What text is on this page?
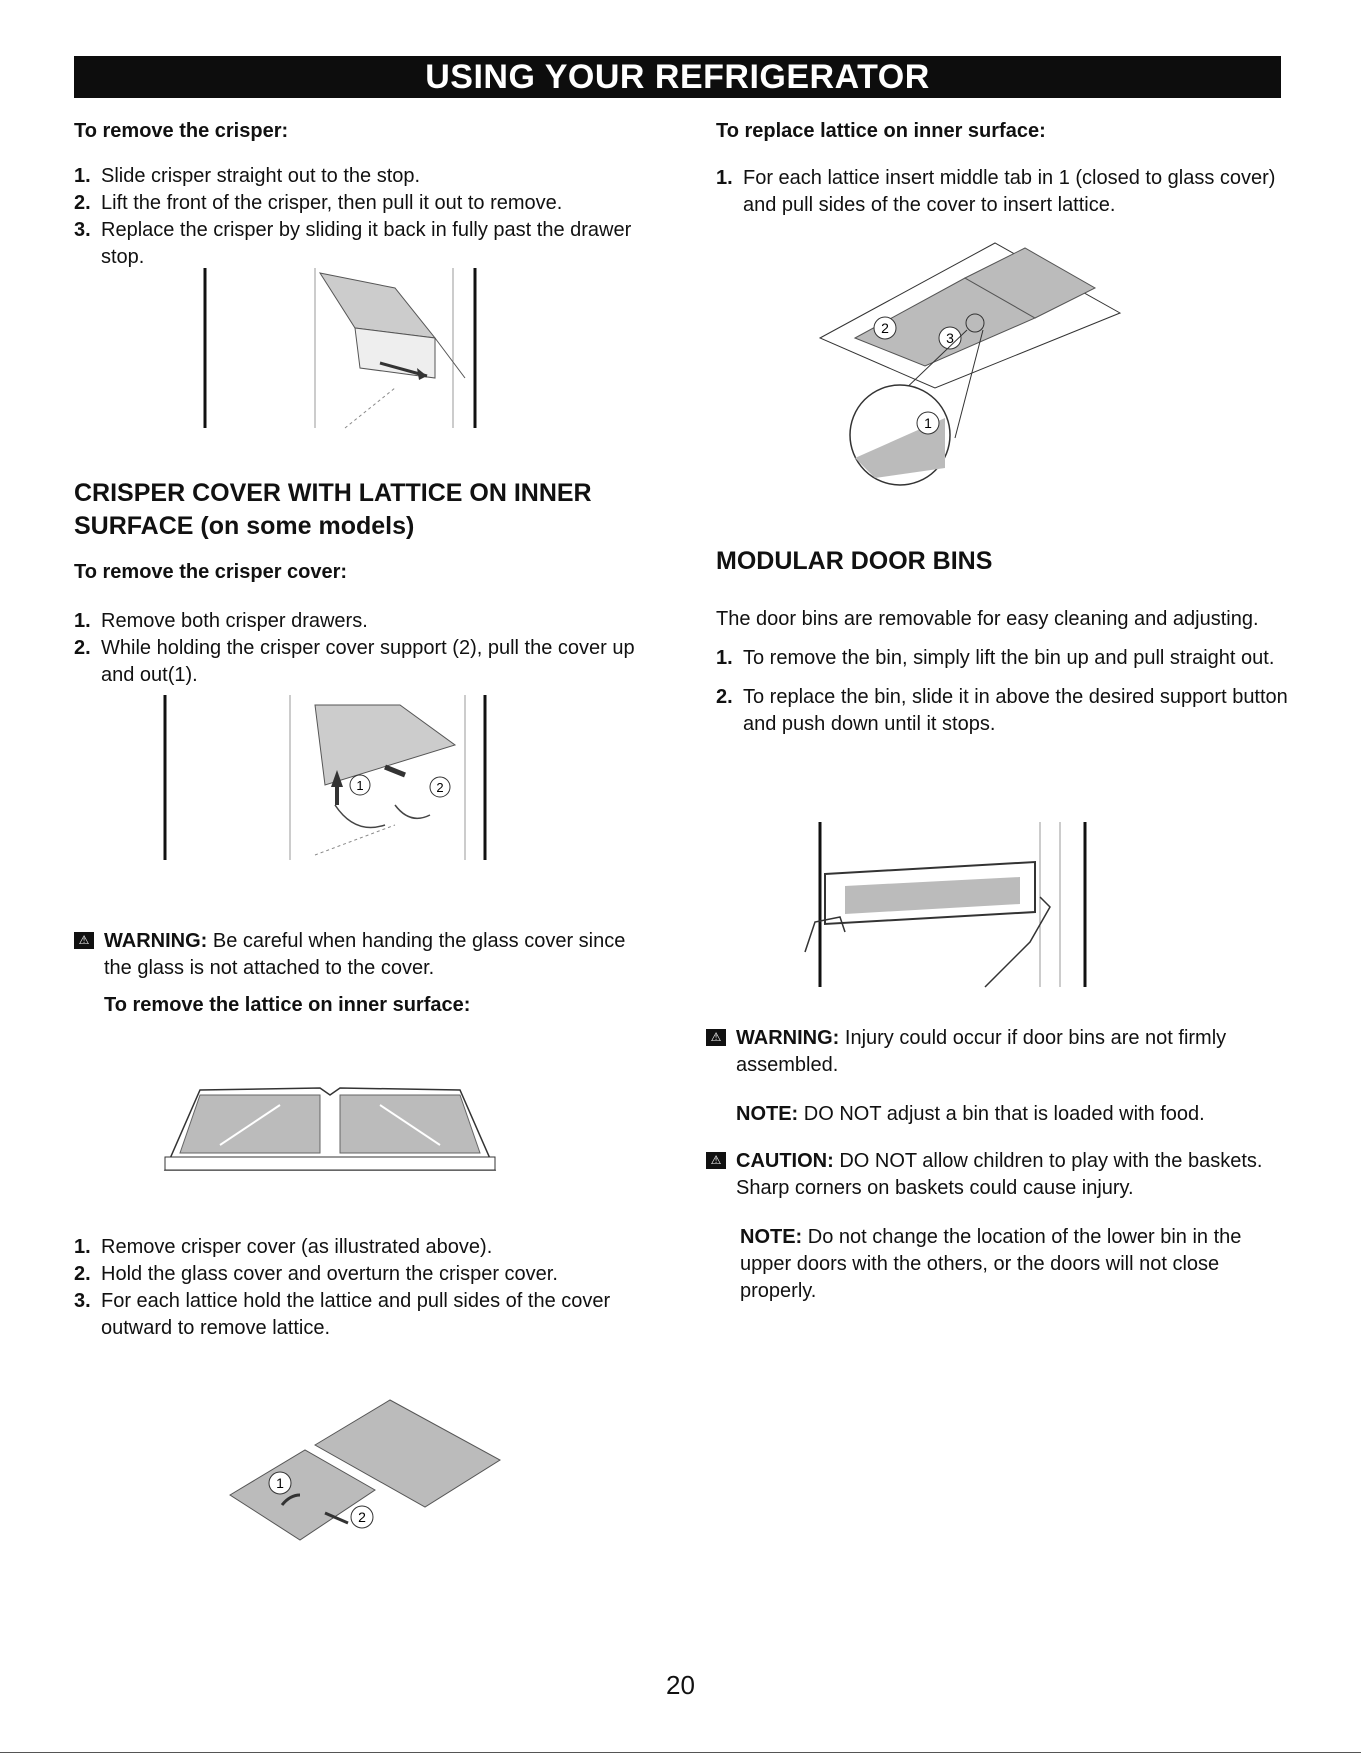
USING YOUR REFRIGERATOR

To remove the crisper:

1. Slide crisper straight out to the stop.
2. Lift the front of the crisper, then pull it out to remove.
3. Replace the crisper by sliding it back in fully past the drawer stop.

CRISPER COVER WITH LATTICE ON INNER SURFACE (on some models)

To remove the crisper cover:

1. Remove both crisper drawers.
2. While holding the crisper cover support (2), pull the cover up and out(1).
1	2
⚠ WARNING: Be careful when handing the glass cover since the glass is not attached to the cover.

To remove the lattice on inner surface:

1. Remove crisper cover (as illustrated above).
2. Hold the glass cover and overturn the crisper cover.
3. For each lattice hold the lattice and pull sides of the cover outward to remove lattice.
1
2

To replace lattice on inner surface:

1. For each lattice insert middle tab in 1 (closed to glass cover) and pull sides of the cover to insert lattice.
2
3
1

MODULAR DOOR BINS

The door bins are removable for easy cleaning and adjusting.

1. To remove the bin, simply lift the bin up and pull straight out.
2. To replace the bin, slide it in above the desired support button and push down until it stops.
⚠ WARNING: Injury could occur if door bins are not firmly assembled.

NOTE: DO NOT adjust a bin that is loaded with food.

⚠ CAUTION: DO NOT allow children to play with the baskets. Sharp corners on baskets could cause injury.

NOTE: Do not change the location of the lower bin in the upper doors with the others, or the doors will not close properly.

20
